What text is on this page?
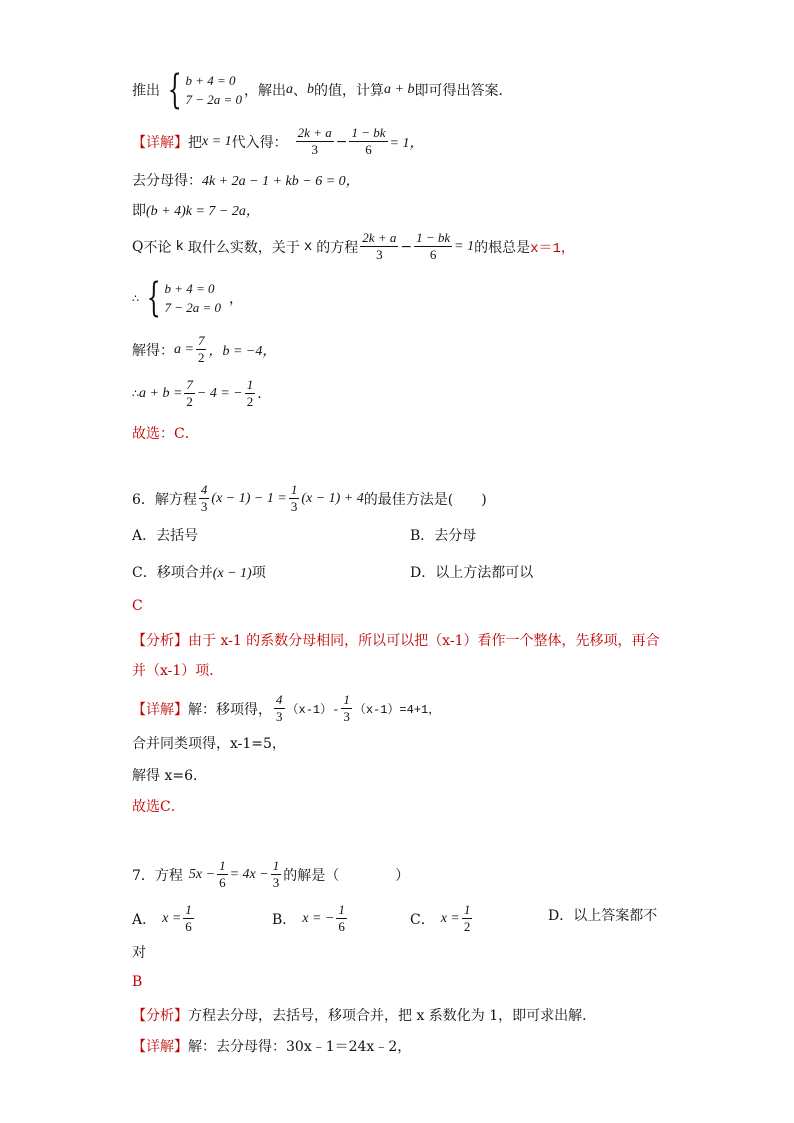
推出 { b + 4 = 0
7 − 2a = 0
，解出 a 、 b 的值，计算 a + b 即可得出答案．
【详解】 把 x = 1 代入得： $\frac{2k + a}{3} - \frac{1 - bk}{6} = 1$，
去分母得： 4k + 2a − 1 + kb − 6 = 0，
即 (b + 4)k = 7 − 2a，
Q 不论 k 取什么实数，关于 x 的方程 $\frac{2k + a}{3} - \frac{1 - bk}{6} = 1$ 的根总是 x＝1，
∴ { b + 4 = 0
7 − 2a = 0
，
解得： $a = \frac{7}{2}$ ，b = −4，
∴ $a + b = \frac{7}{2} - 4$ = − $\frac{1}{2}$ .
故选：C．
6．解方程 $\frac{4}{3} (x - 1) - 1 = \frac{1}{3} (x - 1) + 4$ 的最佳方法是(　　)
A．去括号	B．去分母
C．移项合并(x − 1)项	D．以上方法都可以
C
【分析】由于 x-1 的系数分母相同，所以可以把（x-1）看作一个整体，先移项，再合
并（x-1）项．
【详解】 解：移项得， $\frac{4}{3} (x-1)- \frac{1}{3} (x-1)=4+1$，
合并同类项得，x-1=5，
解得 x=6．
故选C．
7．方程 $5x - \frac{1}{6} = 4x - \frac{1}{3}$ 的解是（　　　　）
A． $x = \frac{1}{6}$	B． x = − $\frac{1}{6}$	C． $x = \frac{1}{2}$	D．以上答案都不
对
B
【分析】方程去分母，去括号，移项合并，把 x 系数化为 1，即可求出解．
【详解】解：去分母得：30x﹣1＝24x﹣2，
